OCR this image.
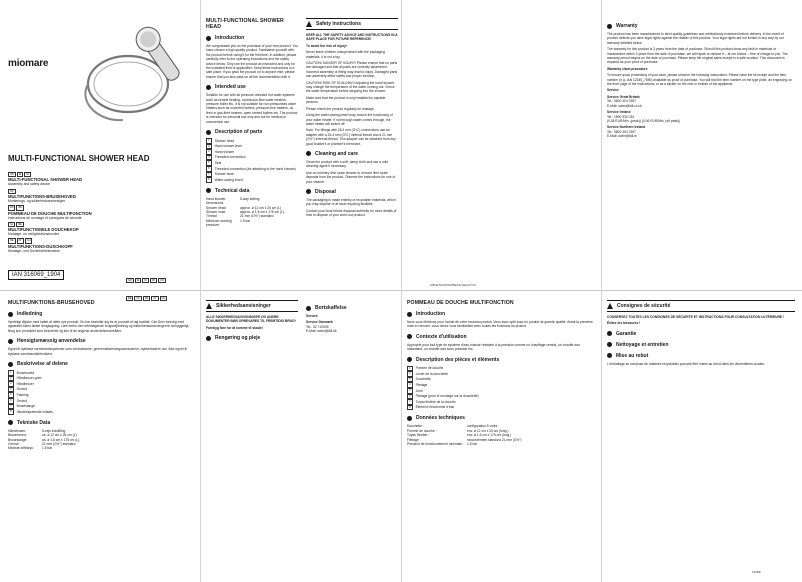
miomare
MULTI-FUNCTIONAL SHOWER HEAD
GB IE NI
MULTI-FUNCTIONAL SHOWER HEAD
Assembly and safety advice
DK
MULTIFUNKTIONS-BRUSEHOVED
Monterings- og sikkerhedsanvisninger
FR BE
POMMEAU DE DOUCHE MULTIFONCTION
Instructions de montage et consignes de sécurité
NL BE
MULTIFUNCTIONELE DOUCHEKOP
Montage- en veiligheidsinstructies
DE AT CH
MULTIFUNKTIONS-DUSCHKOPF
Montage- und Sicherheitshinweise
IAN 316069_1904
GB IE NI DK FR
BE NL DE AT CH
MULTI-FUNCTIONAL SHOWER HEAD
Introduction

We congratulate you on the purchase of your new product. You have chosen a high quality product. Familiarise yourself with the product before using it for the first time. In addition, please carefully refer to the operating instructions and the safety advice below. Only use the product as instructed and only for the indicated field of application. Keep these instructions in a safe place. If you pass the product on to anyone else, please ensure that you also pass on all the documentation with it.

Intended use

Suitable for use with all pressure-resistant hot water systems such as central heating, continuous-flow water heaters, pressure boiler etc. It is not suitable for non-pressurised water heaters such as unvented boilers, pressure-free heaters, oil-fired or gas-fired heaters, open-vented boilers etc. The product is intended for personal use only and not for medical or commercial use.

Description of parts
1	Shower head
2	Hand shower lever
3	Hand shower
4	Threaded connection
5	Seal
6	Threaded connection (for attaching to the hand shower)
7	Shower hose
8	Water-saving insert
Technical data
Hand shower:	5-way setting
Dimensions
Shower head:	approx. ø 12 cm x 25 cm (L)
Shower hose:	approx. ø 1.6 cm x 175 cm (L)
Thread:	21 mm (G½") standard
Minimum working pressure:
1.5 bar
Safety instructions

KEEP ALL THE SAFETY ADVICE AND INSTRUCTIONS IN A SAFE PLACE FOR FUTURE REFERENCE!

To avoid the risk of injury!

Never leave children unsupervised with the packaging materials. It is not a toy.
CAUTION! DANGER OF INJURY! Please ensure that no parts are damaged and that all parts are correctly assembled. Incorrect assembly or fitting may lead to injury. Damaged parts can adversely affect safety and proper function.
CAUTION! RISK OF SCALDING! Adjusting the hand shower may change the temperature of the water coming out. Check the water temperature before stepping into the shower.
Make sure that the product is only installed by capable persons.
Please check the product regularly for leakage.
Using the water-saving insert may reduce the functioning of your water heater. If not enough water comes through, the water heater will switch off.

Note: For fittings with 26.4 mm (G¾") connections use an adapter with a 26.4 mm (G¾") internal thread and a 21 mm (G½") external thread. This adapter can be obtained from any good builder's or plumber's merchant.

Cleaning and care

Clean the product with a soft, damp cloth and use a mild cleaning agent if necessary.

Use an ordinary lime scale cleaner to remove lime scale deposits from the product. Observe the instructions for use of your cleaner.

Disposal

The packaging is made entirely of recyclable materials, which you may dispose of at local recycling facilities.

Contact your local refuse disposal authority for more details of how to dispose of your worn-out product.

GB/IE/NI/DK/FR/BE/NL/DE/AT/CH
Warranty

The product has been manufactured to strict quality guidelines and meticulously examined before delivery. In the event of product defects you have legal rights against the retailer of this product. Your legal rights are not limited in any way by our warranty detailed below.

The warranty for this product is 3 years from the date of purchase. Should this product show any fault in materials or manufacture within 3 years from the date of purchase, we will repair or replace it – at our choice – free of charge to you. The warranty period begins on the date of purchase. Please keep the original sales receipt in a safe location. This document is required as your proof of purchase.

Warranty claim procedure

To ensure quick processing of your case, please observe the following instructions: Please have the till receipt and the item number (e.g. IAN 12345_7890) available as proof of purchase. You will find the item number on the type plate, an engraving on the front page of the instructions, or as a sticker on the rear or bottom of the appliance.

Service

Service Great Britain
Tel.: 0800 404 7657
E-Mail: owim@lidl.co.uk
Service Ireland
Tel.: 1890 930 034
(0,08 EUR/Min. (peak)) (0,06 EUR/Min. (off peak))
Service Northern Ireland
Tel.: 0800 404 7657
E-Mail: owim@lidl.ie
MULTIFUNKTIONS-BRUSEHOVED
Indledning

Hjerteligt tillykke med købet af dette nye produkt. Du har besluttet dig for et produkt af høj kvalitet. Gør Dem fortrolig med apparatet inden første ibrugtagning. Læs derfor den efterfølgende brugsvejledning og sikkerhedsanvisningerne omhyggeligt. Brug kun produktet som beskrevet og kun til de angivne anvendelsesområder.

Hensigtsmæssig anvendelse

Egnet til trykfaste varmtvandssystemer som centralvarme, gennemstrømningsvandvarmer, trykbeholdere osv. Ikke egnet til trykløse varmtvandsbeholdere.

Beskrivelse af delene
1	Brusehoved
2	Håndbruser-greb
3	Håndbruser
4	Gevind
5	Pakning
6	Gevind
7	Bruseslange
8	Vandbesparende indsats
Tekniske Data
Håndbruser:	5-vejs indstilling
Brusehoved:	ca. ø 12 cm x 25 cm (L)
Bruseslange:	ca. ø 1,6 cm x 175 cm (L)
Gevind:	21 mm (G½") standard
Mindste driftstryk:	1,5 bar
Sikkerhedsanvisninger

ALLE SIKKERHEDSANVISNINGER OG ANDRE DOKUMENTER BØR OPBEVARES TIL FREMTIDIG BRUG!

Forebyg fare for at komme til skade!

Rengøring og pleje
Bortskaffelse

Service

Service Danmark
Tel.: 32 710005
E-Mail: owim@lidl.dk
POMMEAU DE DOUCHE MULTIFONCTION
Introduction

Nous vous félicitons pour l'achat de votre nouveau produit. Vous avez opté pour un produit de grande qualité. Avant la première mise en service, vous devez vous familiariser avec toutes les fonctions du produit.

Contexte d'utilisation

Approprié pour tout type de système d'eau chaude résistant à la pression comme un chauffage central, un chauffe-eau instantané, un chauffe-eau sous pression etc.

Description des pièces et éléments
1	Pomme de douche
2	Levier de la douchette
3	Douchette
4	Filetage
5	Joint
6	Filetage (pour le montage sur la douchette)
7	Tuyau flexible de la douche
8	Élément d'économie d'eau
Données techniques
Douchette :	configuration 5 voies
Pomme de douche :	env. ø 12 cm x 25 cm (long.)
Tuyau flexible :	env. ø 1,6 cm x 175 cm (long.)
Filetage :	raccordement standard 21 mm (G½")
Pression de fonctionnement minimale : 1,5 bar
Consignes de sécurité

CONSERVEZ TOUTES LES CONSIGNES DE SÉCURITÉ ET INSTRUCTIONS POUR CONSULTATION ULTÉRIEURE !

Évitez les blessures !

Garantie
Nettoyage et entretien
Mise au rebut

L'emballage se compose de matières recyclables pouvant être mises au rebut dans les déchetteries locales.

FR/BE
